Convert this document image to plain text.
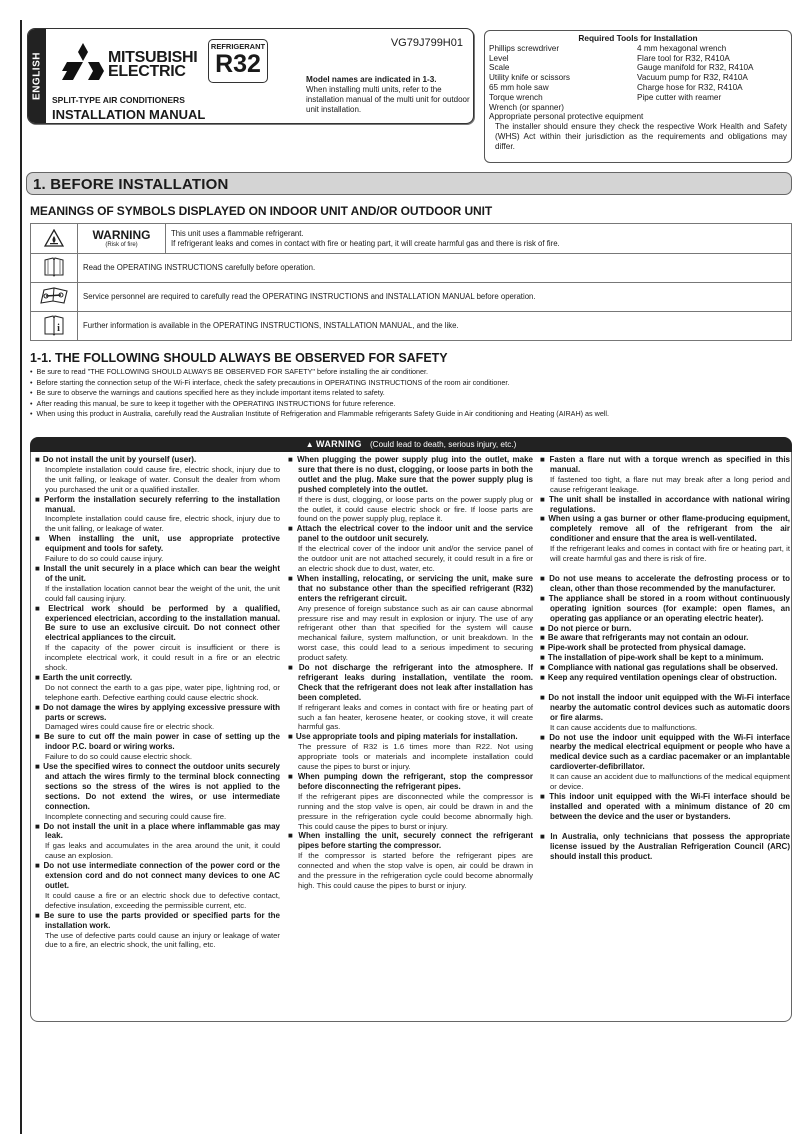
ENGLISH	MITSUBISHI
ELECTRIC
REFRIGERANT
R32
VG79J799H01
SPLIT-TYPE AIR CONDITIONERS
INSTALLATION MANUAL
Model names are indicated in 1-3.
When installing multi units, refer to the installation manual of the multi unit for outdoor unit installation.
Required Tools for Installation
Phillips screwdriver	4 mm hexagonal wrench
Level	Flare tool for R32, R410A
Scale	Gauge manifold for R32, R410A
Utility knife or scissors	Vacuum pump for R32, R410A
65 mm hole saw	Charge hose for R32, R410A
Torque wrench	Pipe cutter with reamer
Wrench (or spanner)
Appropriate personal protective equipment
The installer should ensure they check the respective Work Health and Safety (WHS) Act within their jurisdiction as the requirements and obligations may differ.
1. BEFORE INSTALLATION
MEANINGS OF SYMBOLS DISPLAYED ON INDOOR UNIT AND/OR OUTDOOR UNIT

WARNING
(Risk of fire)

This unit uses a flammable refrigerant.
If refrigerant leaks and comes in contact with fire or heating part, it will create harmful gas and there is risk of fire.

	Read the OPERATING INSTRUCTIONS carefully before operation.	
	Service personnel are required to carefully read the OPERATING INSTRUCTIONS and INSTALLATION MANUAL before operation.	

i	Further information is available in the OPERATING INSTRUCTIONS, INSTALLATION MANUAL, and the like.	
1-1. THE FOLLOWING SHOULD ALWAYS BE OBSERVED FOR SAFETY
• Be sure to read "THE FOLLOWING SHOULD ALWAYS BE OBSERVED FOR SAFETY" before installing the air conditioner.
• Before starting the connection setup of the Wi-Fi interface, check the safety precautions in OPERATING INSTRUCTIONS of the room air conditioner.
• Be sure to observe the warnings and cautions specified here as they include important items related to safety.
• After reading this manual, be sure to keep it together with the OPERATING INSTRUCTIONS for future reference.
• When using this product in Australia, carefully read the Australian Institute of Refrigeration and Flammable refrigerants Safety Guide in Air conditioning and Heating (AIRAH) as well.
▲ WARNING (Could lead to death, serious injury, etc.)
■ Do not install the unit by yourself (user).
Incomplete installation could cause fire, electric shock, injury due to the unit falling, or leakage of water. Consult the dealer from whom you purchased the unit or a qualified installer.
■ Perform the installation securely referring to the installation manual.
Incomplete installation could cause fire, electric shock, injury due to the unit falling, or leakage of water.
■ When installing the unit, use appropriate protective equipment and tools for safety.
Failure to do so could cause injury.
■ Install the unit securely in a place which can bear the weight of the unit.
If the installation location cannot bear the weight of the unit, the unit could fall causing injury.
■ Electrical work should be performed by a qualified, experienced electrician, according to the installation manual. Be sure to use an exclusive circuit. Do not connect other electrical appliances to the circuit.
If the capacity of the power circuit is insufficient or there is incomplete electrical work, it could result in a fire or an electric shock.
■ Earth the unit correctly.
Do not connect the earth to a gas pipe, water pipe, lightning rod, or telephone earth. Defective earthing could cause electric shock.
■ Do not damage the wires by applying excessive pressure with parts or screws.
Damaged wires could cause fire or electric shock.
■ Be sure to cut off the main power in case of setting up the indoor P.C. board or wiring works.
Failure to do so could cause electric shock.
■ Use the specified wires to connect the outdoor units securely and attach the wires firmly to the terminal block connecting sections so the stress of the wires is not applied to the sections. Do not extend the wires, or use intermediate connection.
Incomplete connecting and securing could cause fire.
■ Do not install the unit in a place where inflammable gas may leak.
If gas leaks and accumulates in the area around the unit, it could cause an explosion.
■ Do not use intermediate connection of the power cord or the extension cord and do not connect many devices to one AC outlet.
It could cause a fire or an electric shock due to defective contact, defective insulation, exceeding the permissible current, etc.
■ Be sure to use the parts provided or specified parts for the installation work.
The use of defective parts could cause an injury or leakage of water due to a fire, an electric shock, the unit falling, etc.
■ When plugging the power supply plug into the outlet, make sure that there is no dust, clogging, or loose parts in both the outlet and the plug. Make sure that the power supply plug is pushed completely into the outlet.
If there is dust, clogging, or loose parts on the power supply plug or the outlet, it could cause electric shock or fire. If loose parts are found on the power supply plug, replace it.
■ Attach the electrical cover to the indoor unit and the service panel to the outdoor unit securely.
If the electrical cover of the indoor unit and/or the service panel of the outdoor unit are not attached securely, it could result in a fire or an electric shock due to dust, water, etc.
■ When installing, relocating, or servicing the unit, make sure that no substance other than the specified refrigerant (R32) enters the refrigerant circuit.
Any presence of foreign substance such as air can cause abnormal pressure rise and may result in explosion or injury. The use of any refrigerant other than that specified for the system will cause mechanical failure, system malfunction, or unit breakdown. In the worst case, this could lead to a serious impediment to securing product safety.
■ Do not discharge the refrigerant into the atmosphere. If refrigerant leaks during installation, ventilate the room. Check that the refrigerant does not leak after installation has been completed.
If refrigerant leaks and comes in contact with fire or heating part of such a fan heater, kerosene heater, or cooking stove, it will create harmful gas.
■ Use appropriate tools and piping materials for installation.
The pressure of R32 is 1.6 times more than R22. Not using appropriate tools or materials and incomplete installation could cause the pipes to burst or injury.
■ When pumping down the refrigerant, stop the compressor before disconnecting the refrigerant pipes.
If the refrigerant pipes are disconnected while the compressor is running and the stop valve is open, air could be drawn in and the pressure in the refrigeration cycle could become abnormally high. This could cause the pipes to burst or injury.
■ When installing the unit, securely connect the refrigerant pipes before starting the compressor.
If the compressor is started before the refrigerant pipes are connected and when the stop valve is open, air could be drawn in and the pressure in the refrigeration cycle could become abnormally high. This could cause the pipes to burst or injury.
■ Fasten a flare nut with a torque wrench as specified in this manual.
If fastened too tight, a flare nut may break after a long period and cause refrigerant leakage.
■ The unit shall be installed in accordance with national wiring regulations.
■ When using a gas burner or other flame-producing equipment, completely remove all of the refrigerant from the air conditioner and ensure that the area is well-ventilated.
If the refrigerant leaks and comes in contact with fire or heating part, it will create harmful gas and there is risk of fire.
■ Do not use means to accelerate the defrosting process or to clean, other than those recommended by the manufacturer.
■ The appliance shall be stored in a room without continuously operating ignition sources (for example: open flames, an operating gas appliance or an operating electric heater).
■ Do not pierce or burn.
■ Be aware that refrigerants may not contain an odour.
■ Pipe-work shall be protected from physical damage.
■ The installation of pipe-work shall be kept to a minimum.
■ Compliance with national gas regulations shall be observed.
■ Keep any required ventilation openings clear of obstruction.
■ Do not install the indoor unit equipped with the Wi-Fi interface nearby the automatic control devices such as automatic doors or fire alarms.
It can cause accidents due to malfunctions.
■ Do not use the indoor unit equipped with the Wi-Fi interface nearby the medical electrical equipment or people who have a medical device such as a cardiac pacemaker or an implantable cardioverter-defibrillator.
It can cause an accident due to malfunctions of the medical equipment or device.
■ This indoor unit equipped with the Wi-Fi interface should be installed and operated with a minimum distance of 20 cm between the device and the user or bystanders.
■ In Australia, only technicians that possess the appropriate license issued by the Australian Refrigeration Council (ARC) should install this product.
